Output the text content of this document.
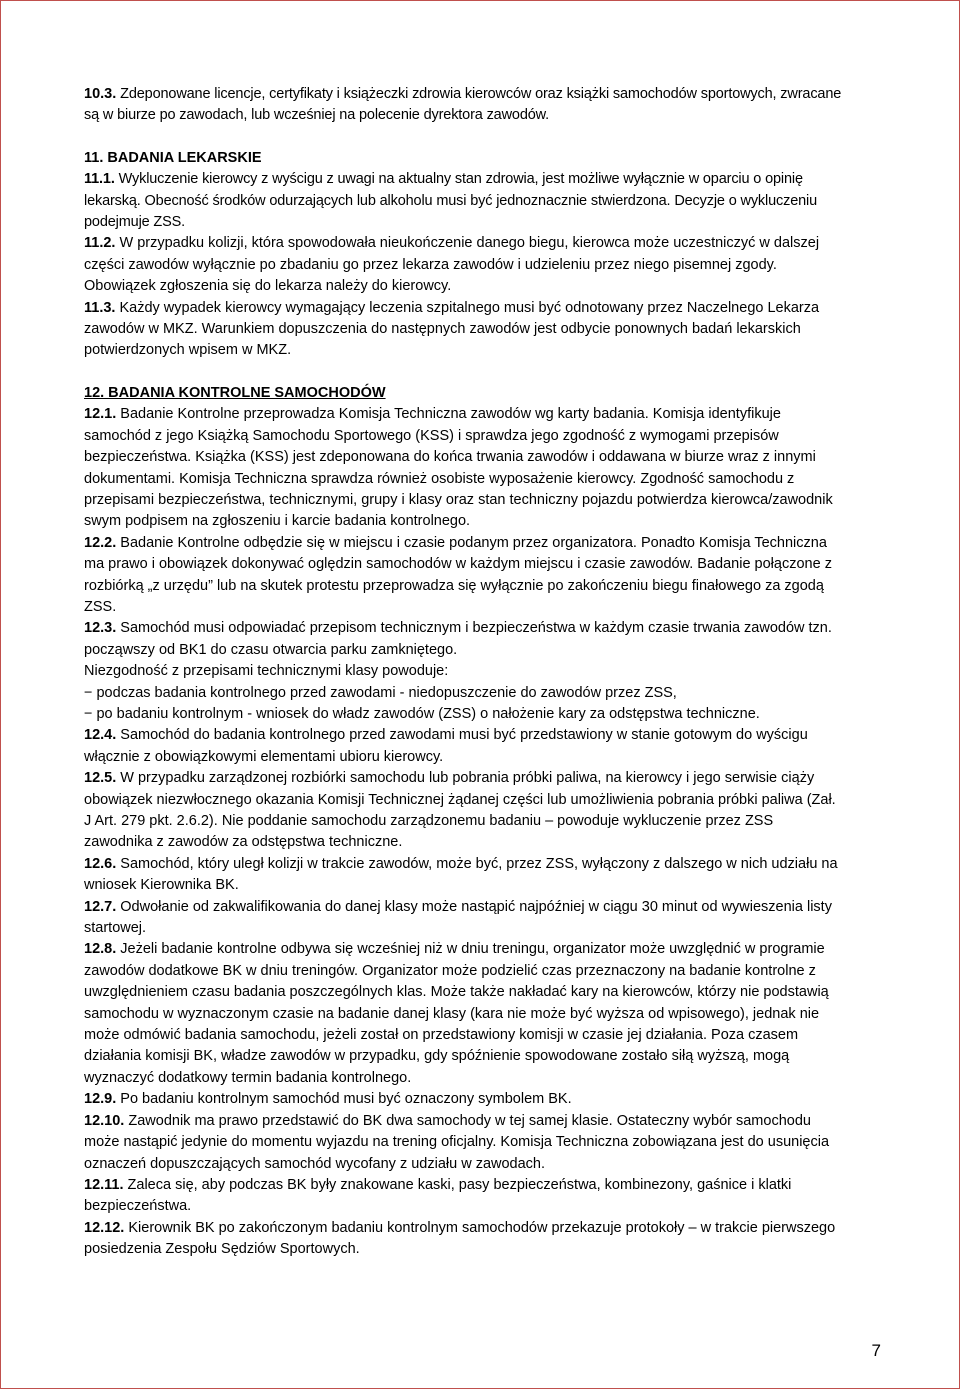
10.3. Zdeponowane licencje, certyfikaty i książeczki zdrowia kierowców oraz książki samochodów sportowych, zwracane są w biurze po zawodach, lub wcześniej na polecenie dyrektora zawodów.

11. BADANIA LEKARSKIE

11.1. Wykluczenie kierowcy z wyścigu z uwagi na aktualny stan zdrowia, jest możliwe wyłącznie w oparciu o opinię lekarską. Obecność środków odurzających lub alkoholu musi być jednoznacznie stwierdzona. Decyzje o wykluczeniu podejmuje ZSS.

11.2. W przypadku kolizji, która spowodowała nieukończenie danego biegu, kierowca może uczestniczyć w dalszej części zawodów wyłącznie po zbadaniu go przez lekarza zawodów i udzieleniu przez niego pisemnej zgody. Obowiązek zgłoszenia się do lekarza należy do kierowcy.

11.3. Każdy wypadek kierowcy wymagający leczenia szpitalnego musi być odnotowany przez Naczelnego Lekarza zawodów w MKZ. Warunkiem dopuszczenia do następnych zawodów jest odbycie ponownych badań lekarskich potwierdzonych wpisem w MKZ.

12. BADANIA KONTROLNE SAMOCHODÓW

12.1. Badanie Kontrolne przeprowadza Komisja Techniczna zawodów wg karty badania. Komisja identyfikuje samochód z jego Książką Samochodu Sportowego (KSS) i sprawdza jego zgodność z wymogami przepisów bezpieczeństwa. Książka (KSS) jest zdeponowana do końca trwania zawodów i oddawana w biurze wraz z innymi dokumentami. Komisja Techniczna sprawdza również osobiste wyposażenie kierowcy. Zgodność samochodu z przepisami bezpieczeństwa, technicznymi, grupy i klasy oraz stan techniczny pojazdu potwierdza kierowca/zawodnik swym podpisem na zgłoszeniu i karcie badania kontrolnego.

12.2. Badanie Kontrolne odbędzie się w miejscu i czasie podanym przez organizatora. Ponadto Komisja Techniczna ma prawo i obowiązek dokonywać oględzin samochodów w każdym miejscu i czasie zawodów. Badanie połączone z rozbiórką „z urzędu” lub na skutek protestu przeprowadza się wyłącznie po zakończeniu biegu finałowego za zgodą ZSS.

12.3. Samochód musi odpowiadać przepisom technicznym i bezpieczeństwa w każdym czasie trwania zawodów tzn. począwszy od BK1 do czasu otwarcia parku zamkniętego.

Niezgodność z przepisami technicznymi klasy powoduje:

− podczas badania kontrolnego przed zawodami - niedopuszczenie do zawodów przez ZSS,

− po badaniu kontrolnym - wniosek do władz zawodów (ZSS) o nałożenie kary za odstępstwa techniczne.

12.4. Samochód do badania kontrolnego przed zawodami musi być przedstawiony w stanie gotowym do wyścigu włącznie z obowiązkowymi elementami ubioru kierowcy.

12.5. W przypadku zarządzonej rozbiórki samochodu lub pobrania próbki paliwa, na kierowcy i jego serwisie ciąży obowiązek niezwłocznego okazania Komisji Technicznej żądanej części lub umożliwienia pobrania próbki paliwa (Zał. J Art. 279 pkt. 2.6.2). Nie poddanie samochodu zarządzonemu badaniu – powoduje wykluczenie przez ZSS zawodnika z zawodów za odstępstwa techniczne.

12.6. Samochód, który uległ kolizji w trakcie zawodów, może być, przez ZSS, wyłączony z dalszego w nich udziału na wniosek Kierownika BK.

12.7. Odwołanie od zakwalifikowania do danej klasy może nastąpić najpóźniej w ciągu 30 minut od wywieszenia listy startowej.

12.8. Jeżeli badanie kontrolne odbywa się wcześniej niż w dniu treningu, organizator może uwzględnić w programie zawodów dodatkowe BK w dniu treningów. Organizator może podzielić czas przeznaczony na badanie kontrolne z uwzględnieniem czasu badania poszczególnych klas. Może także nakładać kary na kierowców, którzy nie podstawią samochodu w wyznaczonym czasie na badanie danej klasy (kara nie może być wyższa od wpisowego), jednak nie może odmówić badania samochodu, jeżeli został on przedstawiony komisji w czasie jej działania. Poza czasem działania komisji BK, władze zawodów w przypadku, gdy spóźnienie spowodowane zostało siłą wyższą, mogą wyznaczyć dodatkowy termin badania kontrolnego.

12.9. Po badaniu kontrolnym samochód musi być oznaczony symbolem BK.

12.10. Zawodnik ma prawo przedstawić do BK dwa samochody w tej samej klasie. Ostateczny wybór samochodu może nastąpić jedynie do momentu wyjazdu na trening oficjalny. Komisja Techniczna zobowiązana jest do usunięcia oznaczeń dopuszczających samochód wycofany z udziału w zawodach.

12.11. Zaleca się, aby podczas BK były znakowane kaski, pasy bezpieczeństwa, kombinezony, gaśnice i klatki bezpieczeństwa.

12.12. Kierownik BK po zakończonym badaniu kontrolnym samochodów przekazuje protokoły – w trakcie pierwszego posiedzenia Zespołu Sędziów Sportowych.

7
